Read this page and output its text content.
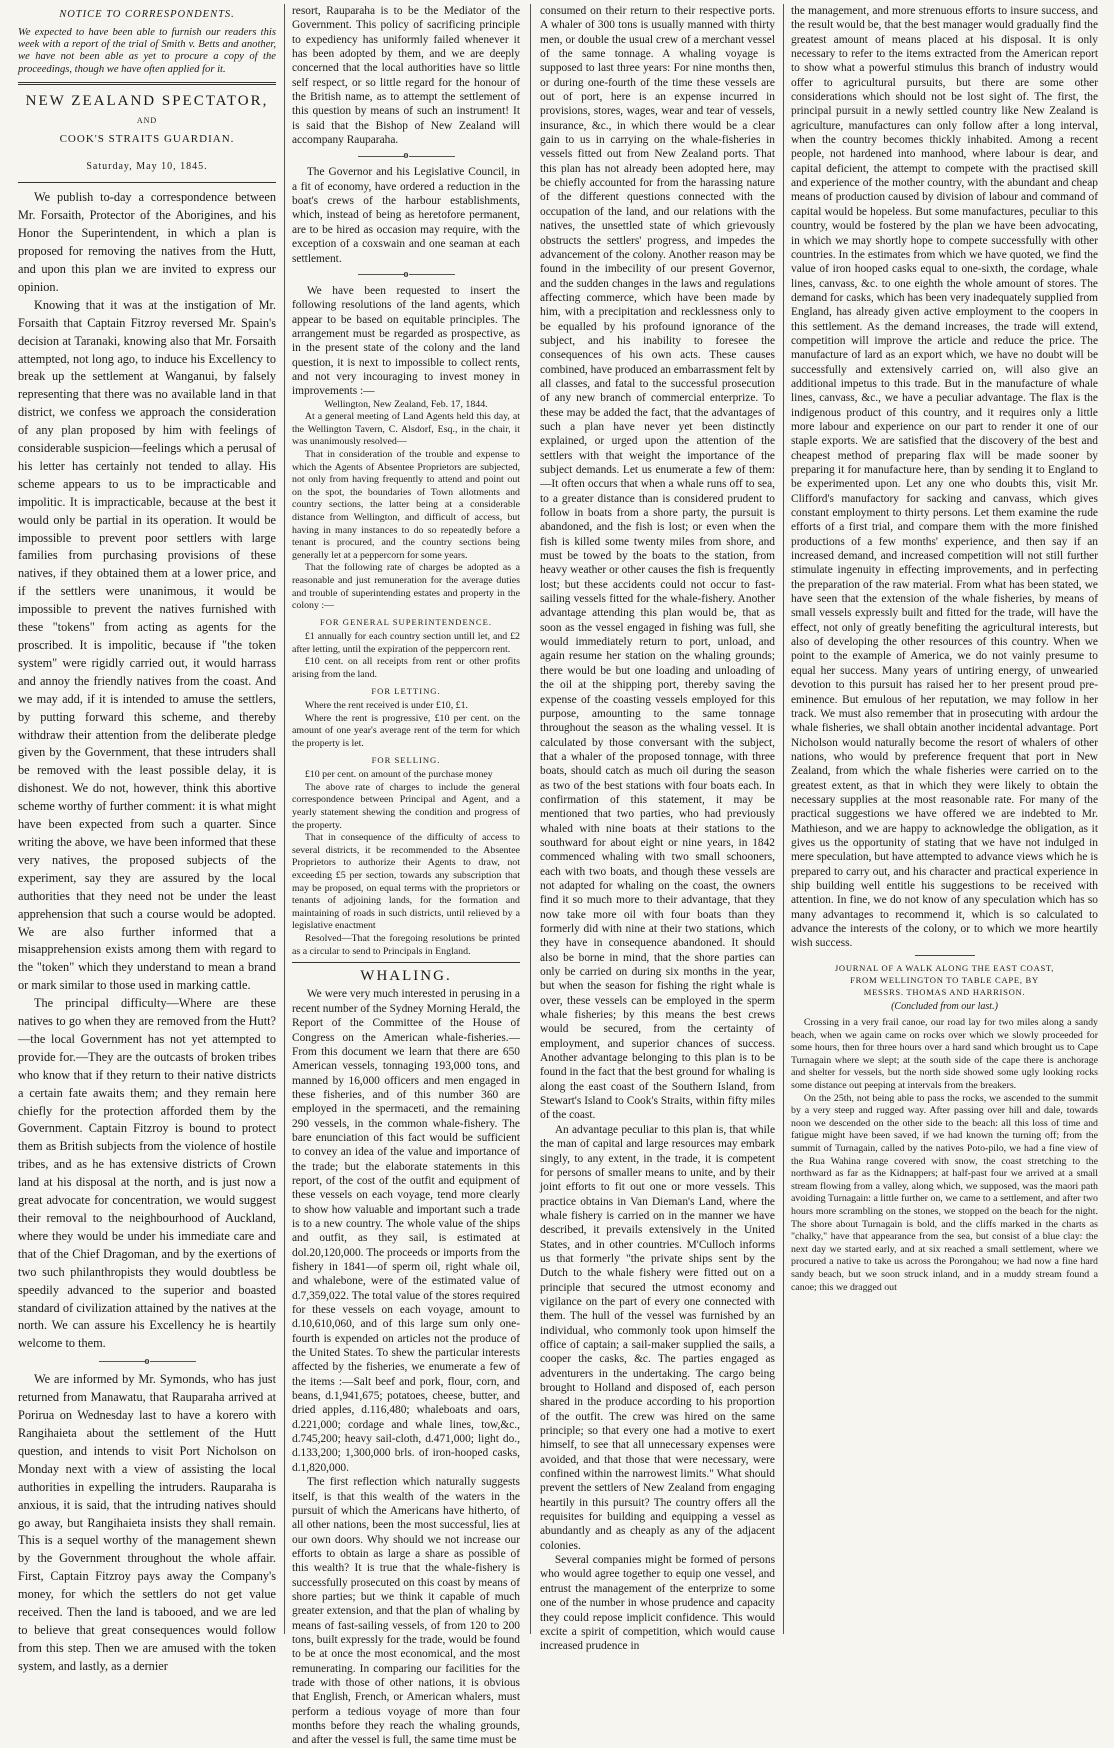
NOTICE TO CORRESPONDENTS.

We expected to have been able to furnish our readers this week with a report of the trial of Smith v. Betts and another, we have not been able as yet to procure a copy of the proceedings, though we have often applied for it.

NEW ZEALAND SPECTATOR,
AND
COOK'S STRAITS GUARDIAN.
Saturday, May 10, 1845.

We publish to-day a correspondence between Mr. Forsaith, Protector of the Aborigines, and his Honor the Superintendent, in which a plan is proposed for removing the natives from the Hutt, and upon this plan we are invited to express our opinion.

Knowing that it was at the instigation of Mr. Forsaith that Captain Fitzroy reversed Mr. Spain's decision at Taranaki, knowing also that Mr. Forsaith attempted, not long ago, to induce his Excellency to break up the settlement at Wanganui, by falsely representing that there was no available land in that district, we confess we approach the consideration of any plan proposed by him with feelings of considerable suspicion—feelings which a perusal of his letter has certainly not tended to allay. His scheme appears to us to be impracticable and impolitic. It is impracticable, because at the best it would only be partial in its operation. It would be impossible to prevent poor settlers with large families from purchasing provisions of these natives, if they obtained them at a lower price, and if the settlers were unanimous, it would be impossible to prevent the natives furnished with these "tokens" from acting as agents for the proscribed. It is impolitic, because if "the token system" were rigidly carried out, it would harrass and annoy the friendly natives from the coast. And we may add, if it is intended to amuse the settlers, by putting forward this scheme, and thereby withdraw their attention from the deliberate pledge given by the Government, that these intruders shall be removed with the least possible delay, it is dishonest. We do not, however, think this abortive scheme worthy of further comment: it is what might have been expected from such a quarter. Since writing the above, we have been informed that these very natives, the proposed subjects of the experiment, say they are assured by the local authorities that they need not be under the least apprehension that such a course would be adopted. We are also further informed that a misapprehension exists among them with regard to the "token" which they understand to mean a brand or mark similar to those used in marking cattle.

The principal difficulty—Where are these natives to go when they are removed from the Hutt?—the local Government has not yet attempted to provide for.—They are the outcasts of broken tribes who know that if they return to their native districts a certain fate awaits them; and they remain here chiefly for the protection afforded them by the Government. Captain Fitzroy is bound to protect them as British subjects from the violence of hostile tribes, and as he has extensive districts of Crown land at his disposal at the north, and is just now a great advocate for concentration, we would suggest their removal to the neighbourhood of Auckland, where they would be under his immediate care and that of the Chief Dragoman, and by the exertions of two such philanthropists they would doubtless be speedily advanced to the superior and boasted standard of civilization attained by the natives at the north. We can assure his Excellency he is heartily welcome to them.

o

We are informed by Mr. Symonds, who has just returned from Manawatu, that Rauparaha arrived at Porirua on Wednesday last to have a korero with Rangihaieta about the settlement of the Hutt question, and intends to visit Port Nicholson on Monday next with a view of assisting the local authorities in expelling the intruders. Rauparaha is anxious, it is said, that the intruding natives should go away, but Rangihaieta insists they shall remain. This is a sequel worthy of the management shewn by the Government throughout the whole affair. First, Captain Fitzroy pays away the Company's money, for which the settlers do not get value received. Then the land is tabooed, and we are led to believe that great consequences would follow from this step. Then we are amused with the token system, and lastly, as a dernier

resort, Rauparaha is to be the Mediator of the Government. This policy of sacrificing principle to expediency has uniformly failed whenever it has been adopted by them, and we are deeply concerned that the local authorities have so little self respect, or so little regard for the honour of the British name, as to attempt the settlement of this question by means of such an instrument! It is said that the Bishop of New Zealand will accompany Rauparaha.

o

The Governor and his Legislative Council, in a fit of economy, have ordered a reduction in the boat's crews of the harbour establishments, which, instead of being as heretofore permanent, are to be hired as occasion may require, with the exception of a coxswain and one seaman at each settlement.

o

We have been requested to insert the following resolutions of the land agents, which appear to be based on equitable principles. The arrangement must be regarded as prospective, as in the present state of the colony and the land question, it is next to impossible to collect rents, and not very incouraging to invest money in improvements :—

Wellington, New Zealand, Feb. 17, 1844.

At a general meeting of Land Agents held this day, at the Wellington Tavern, C. Alsdorf, Esq., in the chair, it was unanimously resolved—

That in consideration of the trouble and expense to which the Agents of Absentee Proprietors are subjected, not only from having frequently to attend and point out on the spot, the boundaries of Town allotments and country sections, the latter being at a considerable distance from Wellington, and difficult of access, but having in many instances to do so repeatedly before a tenant is procured, and the country sections being generally let at a peppercorn for some years.

That the following rate of charges be adopted as a reasonable and just remuneration for the average duties and trouble of superintending estates and property in the colony :—

FOR GENERAL SUPERINTENDENCE.

£1 annually for each country section untill let, and £2 after letting, until the expiration of the peppercorn rent.

£10 cent. on all receipts from rent or other profits arising from the land.

FOR LETTING.

Where the rent received is under £10, £1.

Where the rent is progressive, £10 per cent. on the amount of one year's average rent of the term for which the property is let.

FOR SELLING.

£10 per cent. on amount of the purchase money

The above rate of charges to include the general correspondence between Principal and Agent, and a yearly statement shewing the condition and progress of the property.

That in consequence of the difficulty of access to several districts, it be recommended to the Absentee Proprietors to authorize their Agents to draw, not exceeding £5 per section, towards any subscription that may be proposed, on equal terms with the proprietors or tenants of adjoining lands, for the formation and maintaining of roads in such districts, until relieved by a legislative enactment

Resolved—That the foregoing resolutions be printed as a circular to send to Principals in England.

WHALING.

We were very much interested in perusing in a recent number of the Sydney Morning Herald, the Report of the Committee of the House of Congress on the American whale-fisheries.—From this document we learn that there are 650 American vessels, tonnaging 193,000 tons, and manned by 16,000 officers and men engaged in these fisheries, and of this number 360 are employed in the spermaceti, and the remaining 290 vessels, in the common whale-fishery. The bare enunciation of this fact would be sufficient to convey an idea of the value and importance of the trade; but the elaborate statements in this report, of the cost of the outfit and equipment of these vessels on each voyage, tend more clearly to show how valuable and important such a trade is to a new country. The whole value of the ships and outfit, as they sail, is estimated at dol.20,120,000. The proceeds or imports from the fishery in 1841—of sperm oil, right whale oil, and whalebone, were of the estimated value of d.7,359,022. The total value of the stores required for these vessels on each voyage, amount to d.10,610,060, and of this large sum only one-fourth is expended on articles not the produce of the United States. To shew the particular interests affected by the fisheries, we enumerate a few of the items :—Salt beef and pork, flour, corn, and beans, d.1,941,675; potatoes, cheese, butter, and dried apples, d.116,480; whaleboats and oars, d.221,000; cordage and whale lines, tow,&c., d.745,200; heavy sail-cloth, d.471,000; light do., d.133,200; 1,300,000 brls. of iron-hooped casks, d.1,820,000.

The first reflection which naturally suggests itself, is that this wealth of the waters in the pursuit of which the Americans have hitherto, of all other nations, been the most successful, lies at our own doors. Why should we not increase our efforts to obtain as large a share as possible of this wealth? It is true that the whale-fishery is successfully prosecuted on this coast by means of shore parties; but we think it capable of much greater extension, and that the plan of whaling by means of fast-sailing vessels, of from 120 to 200 tons, built expressly for the trade, would be found to be at once the most economical, and the most remunerating. In comparing our facilities for the trade with those of other nations, it is obvious that English, French, or American whalers, must perform a tedious voyage of more than four months before they reach the whaling grounds, and after the vessel is full, the same time must be

consumed on their return to their respective ports. A whaler of 300 tons is usually manned with thirty men, or double the usual crew of a merchant vessel of the same tonnage. A whaling voyage is supposed to last three years: For nine months then, or during one-fourth of the time these vessels are out of port, here is an expense incurred in provisions, stores, wages, wear and tear of vessels, insurance, &c., in which there would be a clear gain to us in carrying on the whale-fisheries in vessels fitted out from New Zealand ports. That this plan has not already been adopted here, may be chiefly accounted for from the harassing nature of the different questions connected with the occupation of the land, and our relations with the natives, the unsettled state of which grievously obstructs the settlers' progress, and impedes the advancement of the colony. Another reason may be found in the imbecility of our present Governor, and the sudden changes in the laws and regulations affecting commerce, which have been made by him, with a precipitation and recklessness only to be equalled by his profound ignorance of the subject, and his inability to foresee the consequences of his own acts. These causes combined, have produced an embarrassment felt by all classes, and fatal to the successful prosecution of any new branch of commercial enterprize. To these may be added the fact, that the advantages of such a plan have never yet been distinctly explained, or urged upon the attention of the settlers with that weight the importance of the subject demands. Let us enumerate a few of them:—It often occurs that when a whale runs off to sea, to a greater distance than is considered prudent to follow in boats from a shore party, the pursuit is abandoned, and the fish is lost; or even when the fish is killed some twenty miles from shore, and must be towed by the boats to the station, from heavy weather or other causes the fish is frequently lost; but these accidents could not occur to fast-sailing vessels fitted for the whale-fishery. Another advantage attending this plan would be, that as soon as the vessel engaged in fishing was full, she would immediately return to port, unload, and again resume her station on the whaling grounds; there would be but one loading and unloading of the oil at the shipping port, thereby saving the expense of the coasting vessels employed for this purpose, amounting to the same tonnage throughout the season as the whaling vessel. It is calculated by those conversant with the subject, that a whaler of the proposed tonnage, with three boats, should catch as much oil during the season as two of the best stations with four boats each. In confirmation of this statement, it may be mentioned that two parties, who had previously whaled with nine boats at their stations to the southward for about eight or nine years, in 1842 commenced whaling with two small schooners, each with two boats, and though these vessels are not adapted for whaling on the coast, the owners find it so much more to their advantage, that they now take more oil with four boats than they formerly did with nine at their two stations, which they have in consequence abandoned. It should also be borne in mind, that the shore parties can only be carried on during six months in the year, but when the season for fishing the right whale is over, these vessels can be employed in the sperm whale fisheries; by this means the best crews would be secured, from the certainty of employment, and superior chances of success. Another advantage belonging to this plan is to be found in the fact that the best ground for whaling is along the east coast of the Southern Island, from Stewart's Island to Cook's Straits, within fifty miles of the coast.

An advantage peculiar to this plan is, that while the man of capital and large resources may embark singly, to any extent, in the trade, it is competent for persons of smaller means to unite, and by their joint efforts to fit out one or more vessels. This practice obtains in Van Dieman's Land, where the whale fishery is carried on in the manner we have described, it prevails extensively in the United States, and in other countries. M'Culloch informs us that formerly "the private ships sent by the Dutch to the whale fishery were fitted out on a principle that secured the utmost economy and vigilance on the part of every one connected with them. The hull of the vessel was furnished by an individual, who commonly took upon himself the office of captain; a sail-maker supplied the sails, a cooper the casks, &c. The parties engaged as adventurers in the undertaking. The cargo being brought to Holland and disposed of, each person shared in the produce according to his proportion of the outfit. The crew was hired on the same principle; so that every one had a motive to exert himself, to see that all unnecessary expenses were avoided, and that those that were necessary, were confined within the narrowest limits." What should prevent the settlers of New Zealand from engaging heartily in this pursuit? The country offers all the requisites for building and equipping a vessel as abundantly and as cheaply as any of the adjacent colonies.

Several companies might be formed of persons who would agree together to equip one vessel, and entrust the management of the enterprize to some one of the number in whose prudence and capacity they could repose implicit confidence. This would excite a spirit of competition, which would cause increased prudence in

the management, and more strenuous efforts to insure success, and the result would be, that the best manager would gradually find the greatest amount of means placed at his disposal. It is only necessary to refer to the items extracted from the American report to show what a powerful stimulus this branch of industry would offer to agricultural pursuits, but there are some other considerations which should not be lost sight of. The first, the principal pursuit in a newly settled country like New Zealand is agriculture, manufactures can only follow after a long interval, when the country becomes thickly inhabited. Among a recent people, not hardened into manhood, where labour is dear, and capital deficient, the attempt to compete with the practised skill and experience of the mother country, with the abundant and cheap means of production caused by division of labour and command of capital would be hopeless. But some manufactures, peculiar to this country, would be fostered by the plan we have been advocating, in which we may shortly hope to compete successfully with other countries. In the estimates from which we have quoted, we find the value of iron hooped casks equal to one-sixth, the cordage, whale lines, canvass, &c. to one eighth the whole amount of stores. The demand for casks, which has been very inadequately supplied from England, has already given active employment to the coopers in this settlement. As the demand increases, the trade will extend, competition will improve the article and reduce the price. The manufacture of lard as an export which, we have no doubt will be successfully and extensively carried on, will also give an additional impetus to this trade. But in the manufacture of whale lines, canvass, &c., we have a peculiar advantage. The flax is the indigenous product of this country, and it requires only a little more labour and experience on our part to render it one of our staple exports. We are satisfied that the discovery of the best and cheapest method of preparing flax will be made sooner by preparing it for manufacture here, than by sending it to England to be experimented upon. Let any one who doubts this, visit Mr. Clifford's manufactory for sacking and canvass, which gives constant employment to thirty persons. Let them examine the rude efforts of a first trial, and compare them with the more finished productions of a few months' experience, and then say if an increased demand, and increased competition will not still further stimulate ingenuity in effecting improvements, and in perfecting the preparation of the raw material. From what has been stated, we have seen that the extension of the whale fisheries, by means of small vessels expressly built and fitted for the trade, will have the effect, not only of greatly benefiting the agricultural interests, but also of developing the other resources of this country. When we point to the example of America, we do not vainly presume to equal her success. Many years of untiring energy, of unwearied devotion to this pursuit has raised her to her present proud pre-eminence. But emulous of her reputation, we may follow in her track. We must also remember that in prosecuting with ardour the whale fisheries, we shall obtain another incidental advantage. Port Nicholson would naturally become the resort of whalers of other nations, who would by preference frequent that port in New Zealand, from which the whale fisheries were carried on to the greatest extent, as that in which they were likely to obtain the necessary supplies at the most reasonable rate. For many of the practical suggestions we have offered we are indebted to Mr. Mathieson, and we are happy to acknowledge the obligation, as it gives us the opportunity of stating that we have not indulged in mere speculation, but have attempted to advance views which he is prepared to carry out, and his character and practical experience in ship building well entitle his suggestions to be received with attention. In fine, we do not know of any speculation which has so many advantages to recommend it, which is so calculated to advance the interests of the colony, or to which we more heartily wish success.

JOURNAL OF A WALK ALONG THE EAST COAST,
FROM WELLINGTON TO TABLE CAPE, BY
MESSRS. THOMAS AND HARRISON.
(Concluded from our last.)

Crossing in a very frail canoe, our road lay for two miles along a sandy beach, when we again came on rocks over which we slowly proceeded for some hours, then for three hours over a hard sand which brought us to Cape Turnagain where we slept; at the south side of the cape there is anchorage and shelter for vessels, but the north side showed some ugly looking rocks some distance out peeping at intervals from the breakers.

On the 25th, not being able to pass the rocks, we ascended to the summit by a very steep and rugged way. After passing over hill and dale, towards noon we descended on the other side to the beach: all this loss of time and fatigue might have been saved, if we had known the turning off; from the summit of Turnagain, called by the natives Poto-pilo, we had a fine view of the Rua Wahina range covered with snow, the coast stretching to the northward as far as the Kidnappers; at half-past four we arrived at a small stream flowing from a valley, along which, we supposed, was the maori path avoiding Turnagain: a little further on, we came to a settlement, and after two hours more scrambling on the stones, we stopped on the beach for the night. The shore about Turnagain is bold, and the cliffs marked in the charts as "chalky," have that appearance from the sea, but consist of a blue clay: the next day we started early, and at six reached a small settlement, where we procured a native to take us across the Porongahou; we had now a fine hard sandy beach, but we soon struck inland, and in a muddy stream found a canoe; this we dragged out
